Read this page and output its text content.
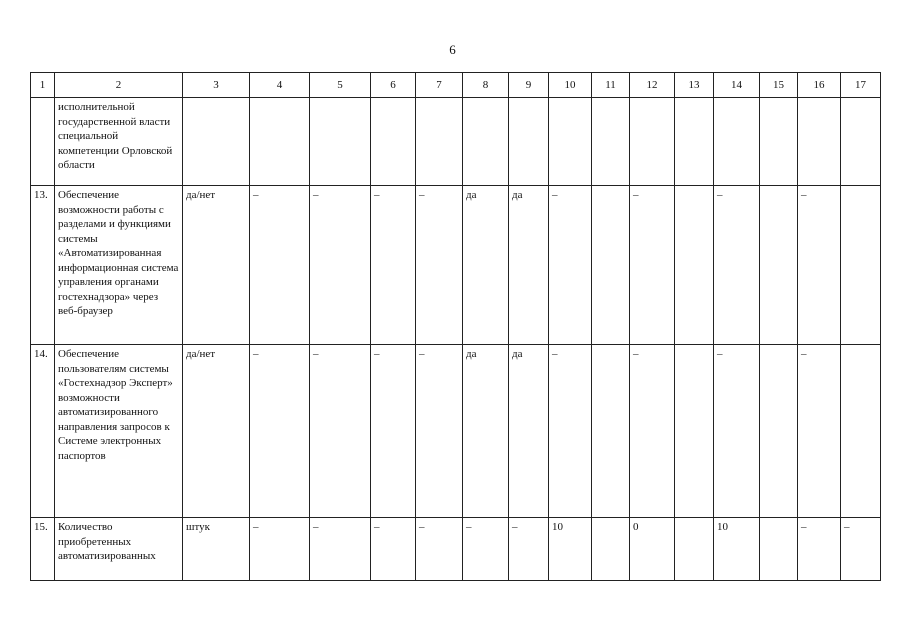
6
1	2	3	4	5	6	7	8	9	10	11	12	13	14	15	16	17
	исполнительной государственной власти специальной компетенции Орловской области															
13.	Обеспечение возможности работы с разделами и функциями системы «Автоматизированная информационная система управления органами гостехнадзора» через веб-браузер	да/нет	–	–	–	–	да	да	–		–		–		–	
14.	Обеспечение пользователям системы «Гостехнадзор Эксперт» возможности автоматизированного направления запросов к Системе электронных паспортов	да/нет	–	–	–	–	да	да	–		–		–		–	
15.	Количество приобретенных автоматизированных	штук	–	–	–	–	–	–	10		0		10		–	–
